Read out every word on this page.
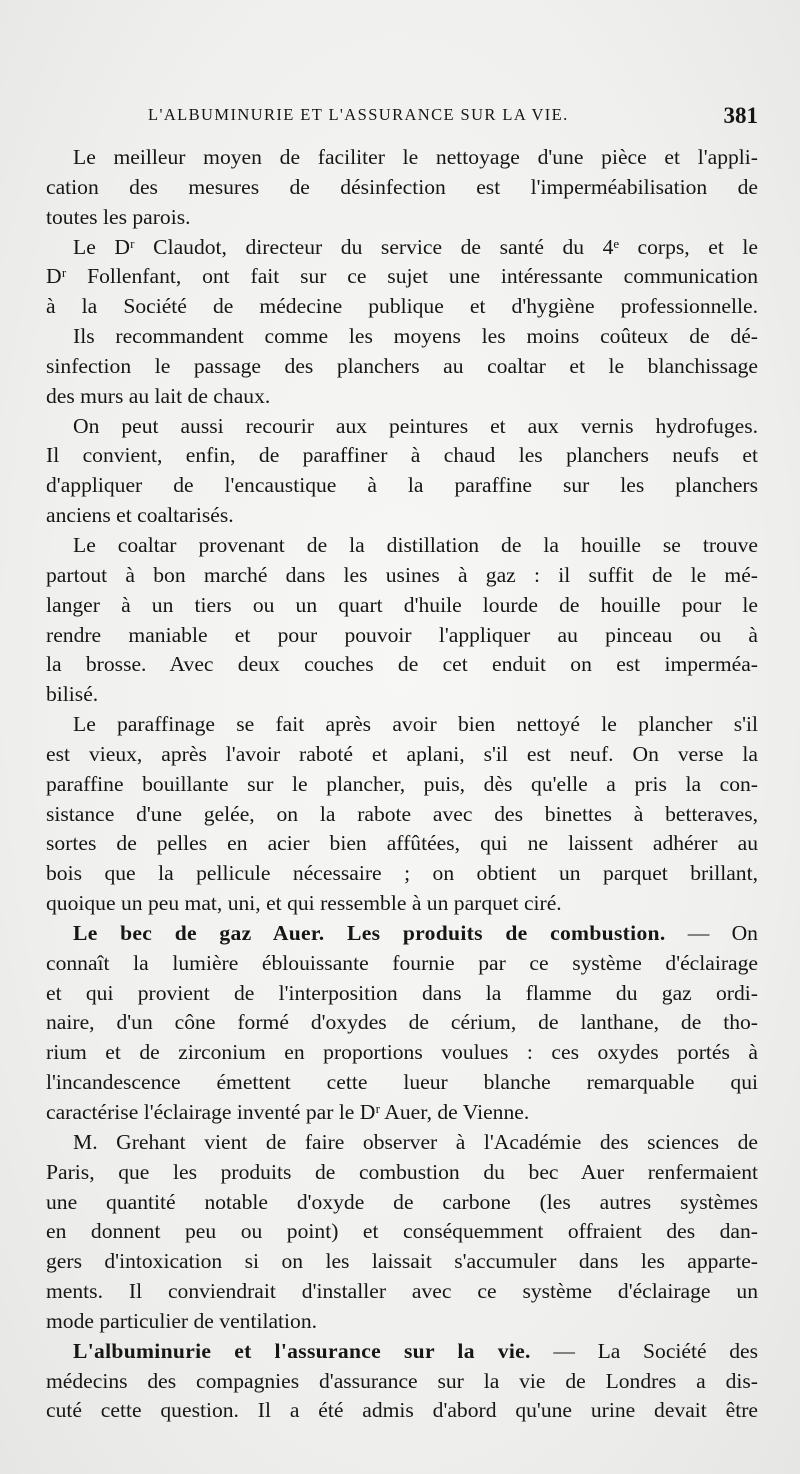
L'ALBUMINURIE ET L'ASSURANCE SUR LA VIE.	381
Le meilleur moyen de faciliter le nettoyage d'une pièce et l'appli-
cation des mesures de désinfection est l'imperméabilisation de
toutes les parois.
Le Dʳ Claudot, directeur du service de santé du 4ᵉ corps, et le
Dʳ Follenfant, ont fait sur ce sujet une intéressante communication
à la Société de médecine publique et d'hygiène professionnelle.
Ils recommandent comme les moyens les moins coûteux de dé-
sinfection le passage des planchers au coaltar et le blanchissage
des murs au lait de chaux.
On peut aussi recourir aux peintures et aux vernis hydrofuges.
Il convient, enfin, de paraffiner à chaud les planchers neufs et
d'appliquer de l'encaustique à la paraffine sur les planchers
anciens et coaltarisés.
Le coaltar provenant de la distillation de la houille se trouve
partout à bon marché dans les usines à gaz : il suffit de le mé-
langer à un tiers ou un quart d'huile lourde de houille pour le
rendre maniable et pour pouvoir l'appliquer au pinceau ou à
la brosse. Avec deux couches de cet enduit on est imperméa-
bilisé.
Le paraffinage se fait après avoir bien nettoyé le plancher s'il
est vieux, après l'avoir raboté et aplani, s'il est neuf. On verse la
paraffine bouillante sur le plancher, puis, dès qu'elle a pris la con-
sistance d'une gelée, on la rabote avec des binettes à betteraves,
sortes de pelles en acier bien affûtées, qui ne laissent adhérer au
bois que la pellicule nécessaire ; on obtient un parquet brillant,
quoique un peu mat, uni, et qui ressemble à un parquet ciré.
Le bec de gaz Auer. Les produits de combustion. — On
connaît la lumière éblouissante fournie par ce système d'éclairage
et qui provient de l'interposition dans la flamme du gaz ordi-
naire, d'un cône formé d'oxydes de cérium, de lanthane, de tho-
rium et de zirconium en proportions voulues : ces oxydes portés à
l'incandescence émettent cette lueur blanche remarquable qui
caractérise l'éclairage inventé par le Dʳ Auer, de Vienne.
M. Grehant vient de faire observer à l'Académie des sciences de
Paris, que les produits de combustion du bec Auer renfermaient
une quantité notable d'oxyde de carbone (les autres systèmes
en donnent peu ou point) et conséquemment offraient des dan-
gers d'intoxication si on les laissait s'accumuler dans les apparte-
ments. Il conviendrait d'installer avec ce système d'éclairage un
mode particulier de ventilation.
L'albuminurie et l'assurance sur la vie. — La Société des
médecins des compagnies d'assurance sur la vie de Londres a dis-
cuté cette question. Il a été admis d'abord qu'une urine devait être
